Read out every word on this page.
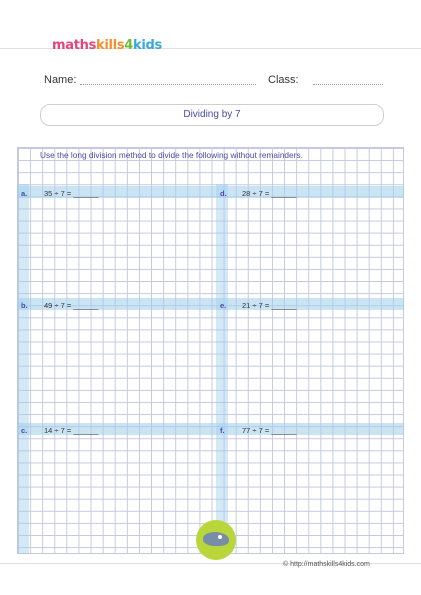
mathskills4kids
Name:	Class:
Dividing by 7
Use the long division method to divide the following without remainders.
a. 35 ÷ 7 = ______
b. 49 ÷ 7 = ______
c. 14 ÷ 7 = ______
d. 28 ÷ 7 = ______
e. 21 ÷ 7 = ______
f. 77 ÷ 7 = ______
© http://mathskills4kids.com
